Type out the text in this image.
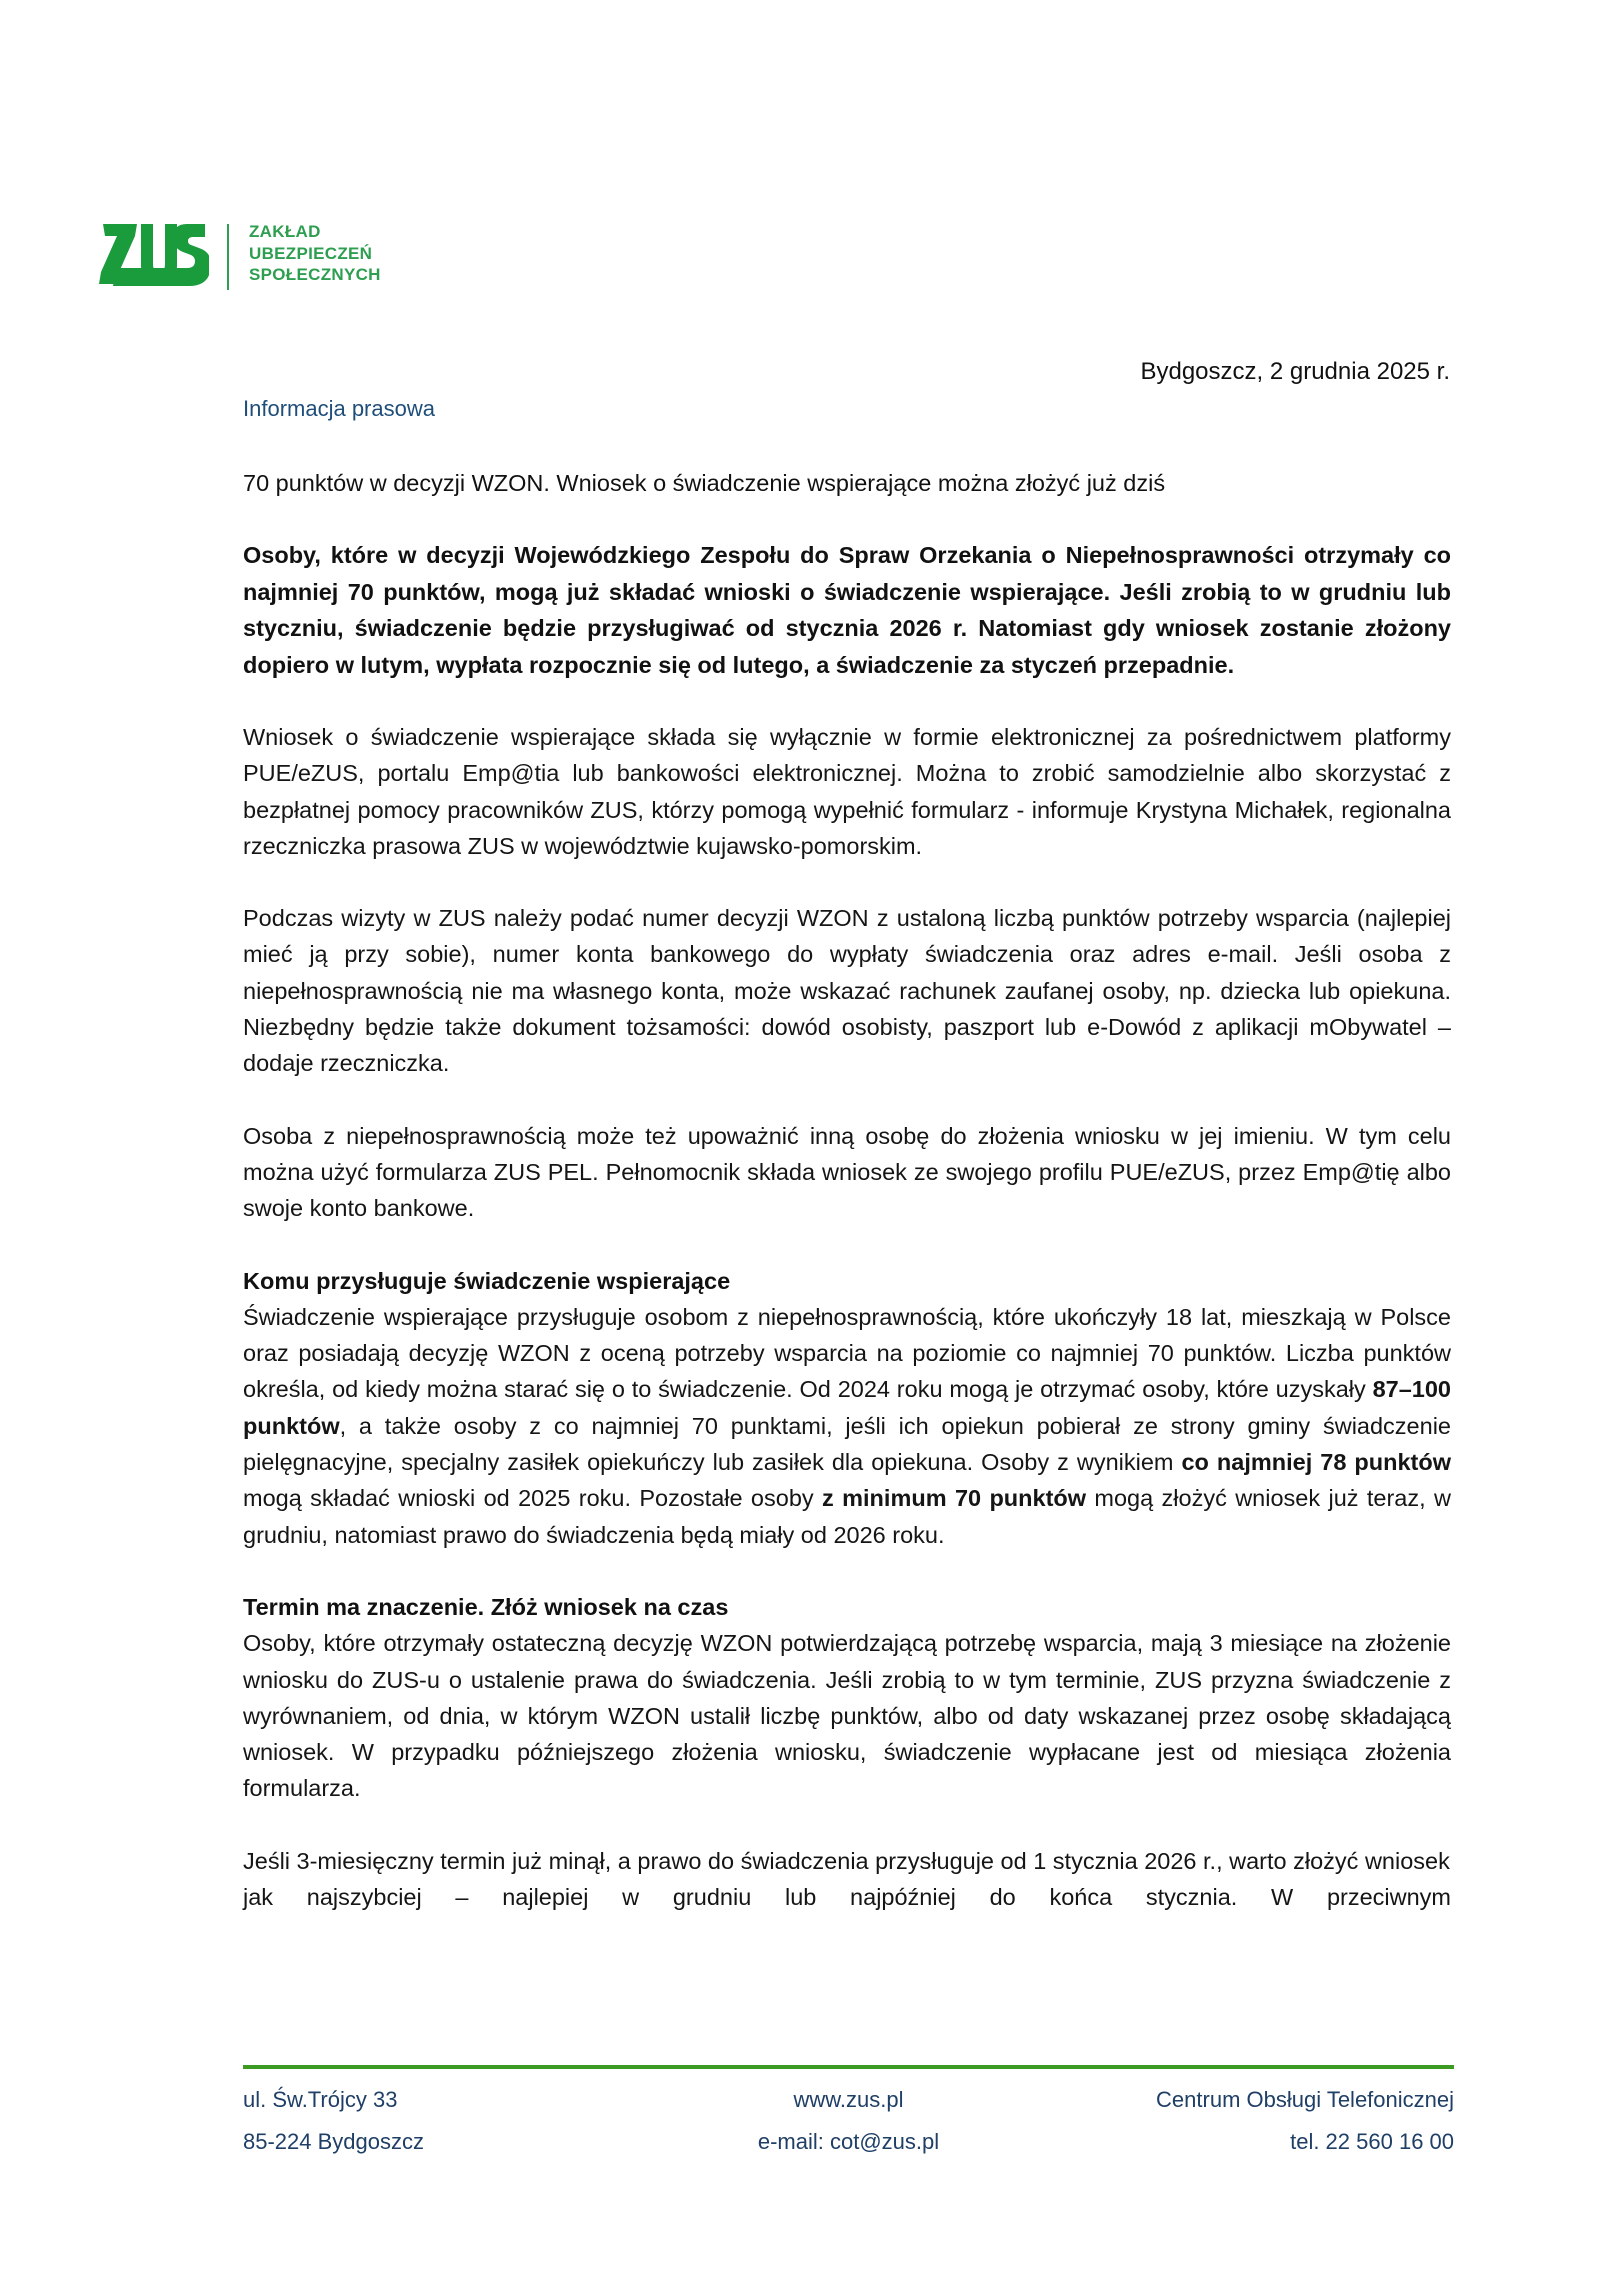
ZAKŁAD
UBEZPIECZEŃ
SPOŁECZNYCH
Bydgoszcz, 2 grudnia 2025 r.
Informacja prasowa
70 punktów w decyzji WZON. Wniosek o świadczenie wspierające można złożyć już dziś

Osoby, które w decyzji Wojewódzkiego Zespołu do Spraw Orzekania o Niepełnosprawności otrzymały co najmniej 70 punktów, mogą już składać wnioski o świadczenie wspierające. Jeśli zrobią to w grudniu lub styczniu, świadczenie będzie przysługiwać od stycznia 2026 r. Natomiast gdy wniosek zostanie złożony dopiero w lutym, wypłata rozpocznie się od lutego, a świadczenie za styczeń przepadnie.

Wniosek o świadczenie wspierające składa się wyłącznie w formie elektronicznej za pośrednictwem platformy PUE/eZUS, portalu Emp@tia lub bankowości elektronicznej. Można to zrobić samodzielnie albo skorzystać z bezpłatnej pomocy pracowników ZUS, którzy pomogą wypełnić formularz - informuje Krystyna Michałek, regionalna rzeczniczka prasowa ZUS w województwie kujawsko-pomorskim.

Podczas wizyty w ZUS należy podać numer decyzji WZON z ustaloną liczbą punktów potrzeby wsparcia (najlepiej mieć ją przy sobie), numer konta bankowego do wypłaty świadczenia oraz adres e-mail. Jeśli osoba z niepełnosprawnością nie ma własnego konta, może wskazać rachunek zaufanej osoby, np. dziecka lub opiekuna. Niezbędny będzie także dokument tożsamości: dowód osobisty, paszport lub e-Dowód z aplikacji mObywatel – dodaje rzeczniczka.

Osoba z niepełnosprawnością może też upoważnić inną osobę do złożenia wniosku w jej imieniu. W tym celu można użyć formularza ZUS PEL. Pełnomocnik składa wniosek ze swojego profilu PUE/eZUS, przez Emp@tię albo swoje konto bankowe.

Komu przysługuje świadczenie wspierające

Świadczenie wspierające przysługuje osobom z niepełnosprawnością, które ukończyły 18 lat, mieszkają w Polsce oraz posiadają decyzję WZON z oceną potrzeby wsparcia na poziomie co najmniej 70 punktów. Liczba punktów określa, od kiedy można starać się o to świadczenie. Od 2024 roku mogą je otrzymać osoby, które uzyskały 87–100 punktów, a także osoby z co najmniej 70 punktami, jeśli ich opiekun pobierał ze strony gminy świadczenie pielęgnacyjne, specjalny zasiłek opiekuńczy lub zasiłek dla opiekuna. Osoby z wynikiem co najmniej 78 punktów mogą składać wnioski od 2025 roku. Pozostałe osoby z minimum 70 punktów mogą złożyć wniosek już teraz, w grudniu, natomiast prawo do świadczenia będą miały od 2026 roku.

Termin ma znaczenie. Złóż wniosek na czas

Osoby, które otrzymały ostateczną decyzję WZON potwierdzającą potrzebę wsparcia, mają 3 miesiące na złożenie wniosku do ZUS-u o ustalenie prawa do świadczenia. Jeśli zrobią to w tym terminie, ZUS przyzna świadczenie z wyrównaniem, od dnia, w którym WZON ustalił liczbę punktów, albo od daty wskazanej przez osobę składającą wniosek. W przypadku późniejszego złożenia wniosku, świadczenie wypłacane jest od miesiąca złożenia formularza.

Jeśli 3-miesięczny termin już minął, a prawo do świadczenia przysługuje od 1 stycznia 2026 r., warto złożyć wniosek jak najszybciej – najlepiej w grudniu lub najpóźniej do końca stycznia. W przeciwnym

ul. Św.Trójcy 33	www.zus.pl	Centrum Obsługi Telefonicznej
85-224 Bydgoszcz	e-mail: cot@zus.pl	tel. 22 560 16 00
